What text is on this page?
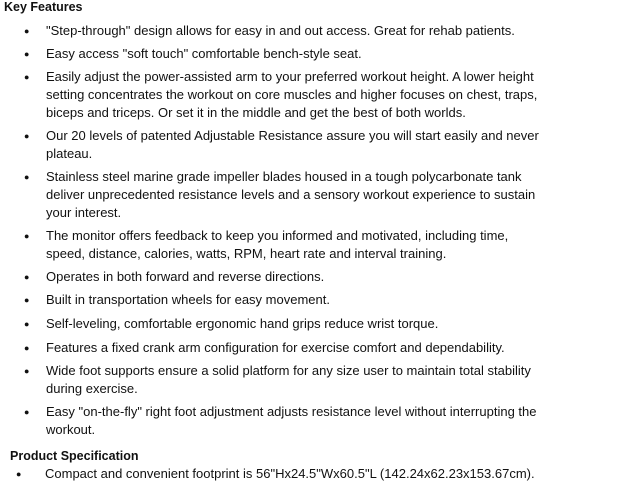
Key Features
● "Step-through" design allows for easy in and out access. Great for rehab patients.
● Easy access "soft touch" comfortable bench-style seat.
● Easily adjust the power-assisted arm to your preferred workout height. A lower height
setting concentrates the workout on core muscles and higher focuses on chest, traps,
biceps and triceps. Or set it in the middle and get the best of both worlds.
● Our 20 levels of patented Adjustable Resistance assure you will start easily and never
plateau.
● Stainless steel marine grade impeller blades housed in a tough polycarbonate tank
deliver unprecedented resistance levels and a sensory workout experience to sustain
your interest.
● The monitor offers feedback to keep you informed and motivated, including time,
speed, distance, calories, watts, RPM, heart rate and interval training.
● Operates in both forward and reverse directions.
● Built in transportation wheels for easy movement.
● Self-leveling, comfortable ergonomic hand grips reduce wrist torque.
● Features a fixed crank arm configuration for exercise comfort and dependability.
● Wide foot supports ensure a solid platform for any size user to maintain total stability
during exercise.
● Easy "on-the-fly" right foot adjustment adjusts resistance level without interrupting the
workout.
Product Specification
● Compact and convenient footprint is 56"Hx24.5"Wx60.5"L (142.24x62.23x153.67cm).
